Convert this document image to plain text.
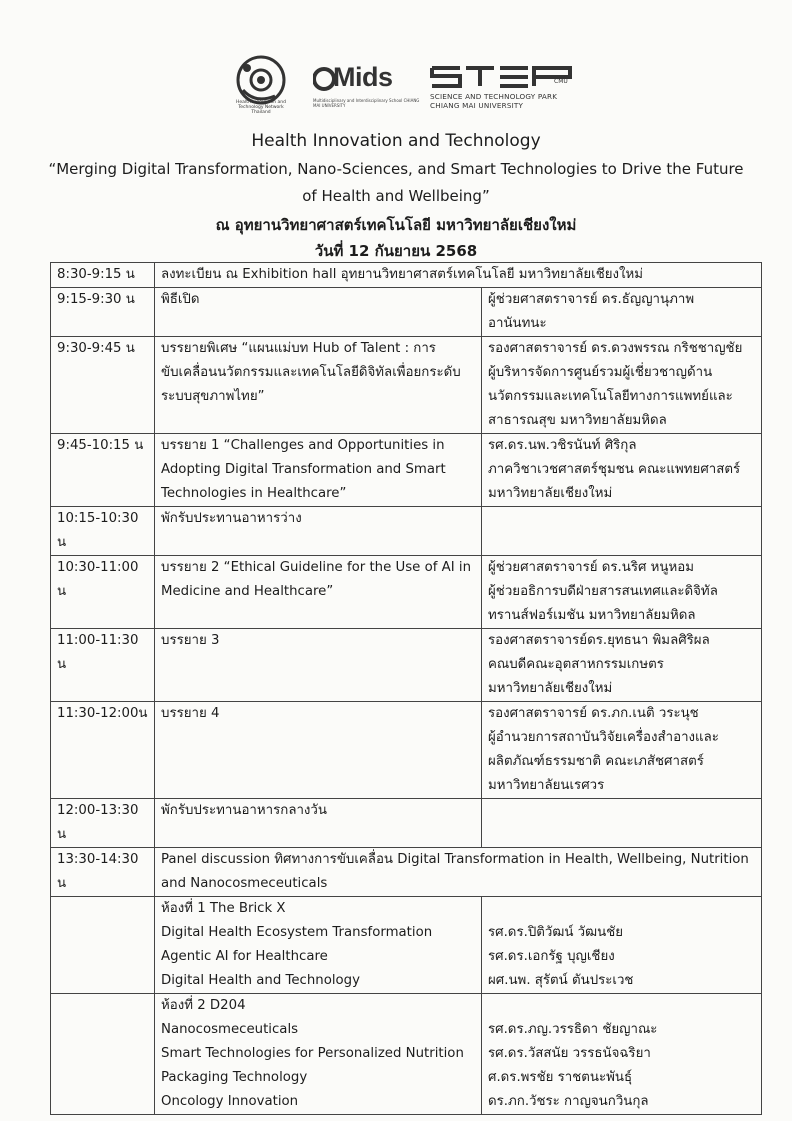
Health Innovation and Technology Network Thailand
Mids
Multidisciplinary and Interdisciplinary School CHIANG MAI UNIVERSITY
CMU
SCIENCE AND TECHNOLOGY PARK
CHIANG MAI UNIVERSITY
Health Innovation and Technology
“Merging Digital Transformation, Nano-Sciences, and Smart Technologies to Drive the Future
of Health and Wellbeing”
ณ อุทยานวิทยาศาสตร์เทคโนโลยี มหาวิทยาลัยเชียงใหม่
วันที่ 12 กันยายน 2568
8:30-9:15 น	ลงทะเบียน ณ Exhibition hall อุทยานวิทยาศาสตร์เทคโนโลยี มหาวิทยาลัยเชียงใหม่	

9:15-9:30 น	พิธีเปิด	ผู้ช่วยศาสตราจารย์ ดร.ธัญญานุภาพ
อานันทนะ

9:30-9:45 น	บรรยายพิเศษ “แผนแม่บท Hub of Talent : การ
ขับเคลื่อนนวัตกรรมและเทคโนโลยีดิจิทัลเพื่อยกระดับ
ระบบสุขภาพไทย”	รองศาสตราจารย์ ดร.ดวงพรรณ กริชชาญชัย
ผู้บริหารจัดการศูนย์รวมผู้เชี่ยวชาญด้าน
นวัตกรรมและเทคโนโลยีทางการแพทย์และ
สาธารณสุข มหาวิทยาลัยมหิดล

9:45-10:15 น	บรรยาย 1 “Challenges and Opportunities in
Adopting Digital Transformation and Smart
Technologies in Healthcare”	รศ.ดร.นพ.วชิรนันท์ ศิริกุล
ภาควิชาเวชศาสตร์ชุมชน คณะแพทยศาสตร์
มหาวิทยาลัยเชียงใหม่

10:15-10:30 น	พักรับประทานอาหารว่าง	
10:30-11:00 น	บรรยาย 2 “Ethical Guideline for the Use of AI in
Medicine and Healthcare”	ผู้ช่วยศาสตราจารย์ ดร.นริศ หนูหอม
ผู้ช่วยอธิการบดีฝ่ายสารสนเทศและดิจิทัล
ทรานส์ฟอร์เมชัน มหาวิทยาลัยมหิดล

11:00-11:30 น	บรรยาย 3	รองศาสตราจารย์ดร.ยุทธนา พิมลศิริผล
คณบดีคณะอุตสาหกรรมเกษตร
มหาวิทยาลัยเชียงใหม่

11:30-12:00น	บรรยาย 4	รองศาสตราจารย์ ดร.ภก.เนติ วระนุช
ผู้อำนวยการสถาบันวิจัยเครื่องสำอางและ
ผลิตภัณฑ์ธรรมชาติ คณะเภสัชศาสตร์
มหาวิทยาลัยนเรศวร

12:00-13:30 น	พักรับประทานอาหารกลางวัน	
13:30-14:30 น	Panel discussion ทิศทางการขับเคลื่อน Digital Transformation in Health, Wellbeing, Nutrition
and Nanocosmeceuticals	

	ห้องที่ 1 The Brick X
Digital Health Ecosystem Transformation
Agentic AI for Healthcare
Digital Health and Technology	รศ.ดร.ปิติวัฒน์ วัฒนชัย
รศ.ดร.เอกรัฐ บุญเชียง
ผศ.นพ. สุรัตน์ ตันประเวช

	ห้องที่ 2 D204
Nanocosmeceuticals
Smart Technologies for Personalized Nutrition
Packaging Technology
Oncology Innovation	รศ.ดร.ภญ.วรรธิดา ชัยญาณะ
รศ.ดร.วัสสนัย วรรธนัจฉริยา
ศ.ดร.พรชัย ราชตนะพันธุ์
ดร.ภก.วัชระ กาญจนกวินกุล
